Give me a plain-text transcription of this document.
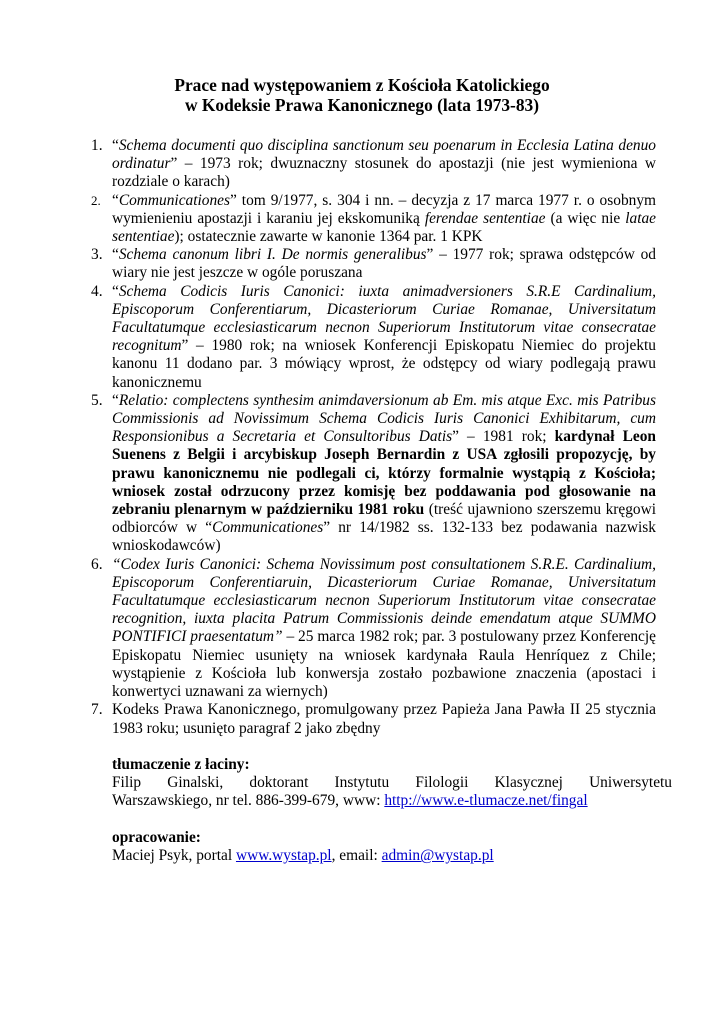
Prace nad występowaniem z Kościoła Katolickiego
w Kodeksie Prawa Kanonicznego (lata 1973-83)
1. “Schema documenti quo disciplina sanctionum seu poenarum in Ecclesia Latina denuo ordinatur” – 1973 rok; dwuznaczny stosunek do apostazji (nie jest wymieniona w rozdziale o karach)
2. “Communicationes” tom 9/1977, s. 304 i nn. – decyzja z 17 marca 1977 r. o osobnym wymienieniu apostazji i karaniu jej ekskomuniką ferendae sententiae (a więc nie latae sententiae); ostatecznie zawarte w kanonie 1364 par. 1 KPK
3. “Schema canonum libri I. De normis generalibus” – 1977 rok; sprawa odstępców od wiary nie jest jeszcze w ogóle poruszana
4. “Schema Codicis Iuris Canonici: iuxta animadversioners S.R.E Cardinalium, Episcoporum Conferentiarum, Dicasteriorum Curiae Romanae, Universitatum Facultatumque ecclesiasticarum necnon Superiorum Institutorum vitae consecratae recognitum” – 1980 rok; na wniosek Konferencji Episkopatu Niemiec do projektu kanonu 11 dodano par. 3 mówiący wprost, że odstępcy od wiary podlegają prawu kanonicznemu
5. “Relatio: complectens synthesim animdaversionum ab Em. mis atque Exc. mis Patribus Commissionis ad Novissimum Schema Codicis Iuris Canonici Exhibitarum, cum Responsionibus a Secretaria et Consultoribus Datis” – 1981 rok; kardynał Leon Suenens z Belgii i arcybiskup Joseph Bernardin z USA zgłosili propozycję, by prawu kanonicznemu nie podlegali ci, którzy formalnie wystąpią z Kościoła; wniosek został odrzucony przez komisję bez poddawania pod głosowanie na zebraniu plenarnym w październiku 1981 roku (treść ujawniono szerszemu kręgowi odbiorców w “Communicationes” nr 14/1982 ss. 132-133 bez podawania nazwisk wnioskodawców)
6. “Codex Iuris Canonici: Schema Novissimum post consultationem S.R.E. Cardinalium, Episcoporum Conferentiaruin, Dicasteriorum Curiae Romanae, Universitatum Facultatumque ecclesiasticarum necnon Superiorum Institutorum vitae consecratae recognition, iuxta placita Patrum Commissionis deinde emendatum atque SUMMO PONTIFICI praesentatum” – 25 marca 1982 rok; par. 3 postulowany przez Konferencję Episkopatu Niemiec usunięty na wniosek kardynała Raula Henríquez z Chile; wystąpienie z Kościoła lub konwersja zostało pozbawione znaczenia (apostaci i konwertyci uznawani za wiernych)
7. Kodeks Prawa Kanonicznego, promulgowany przez Papieża Jana Pawła II 25 stycznia 1983 roku; usunięto paragraf 2 jako zbędny
tłumaczenie z łaciny:
Filip Ginalski, doktorant Instytutu Filologii Klasycznej Uniwersytetu
Warszawskiego, nr tel. 886-399-679, www: http://www.e-tlumacze.net/fingal
opracowanie:
Maciej Psyk, portal www.wystap.pl, email: admin@wystap.pl
